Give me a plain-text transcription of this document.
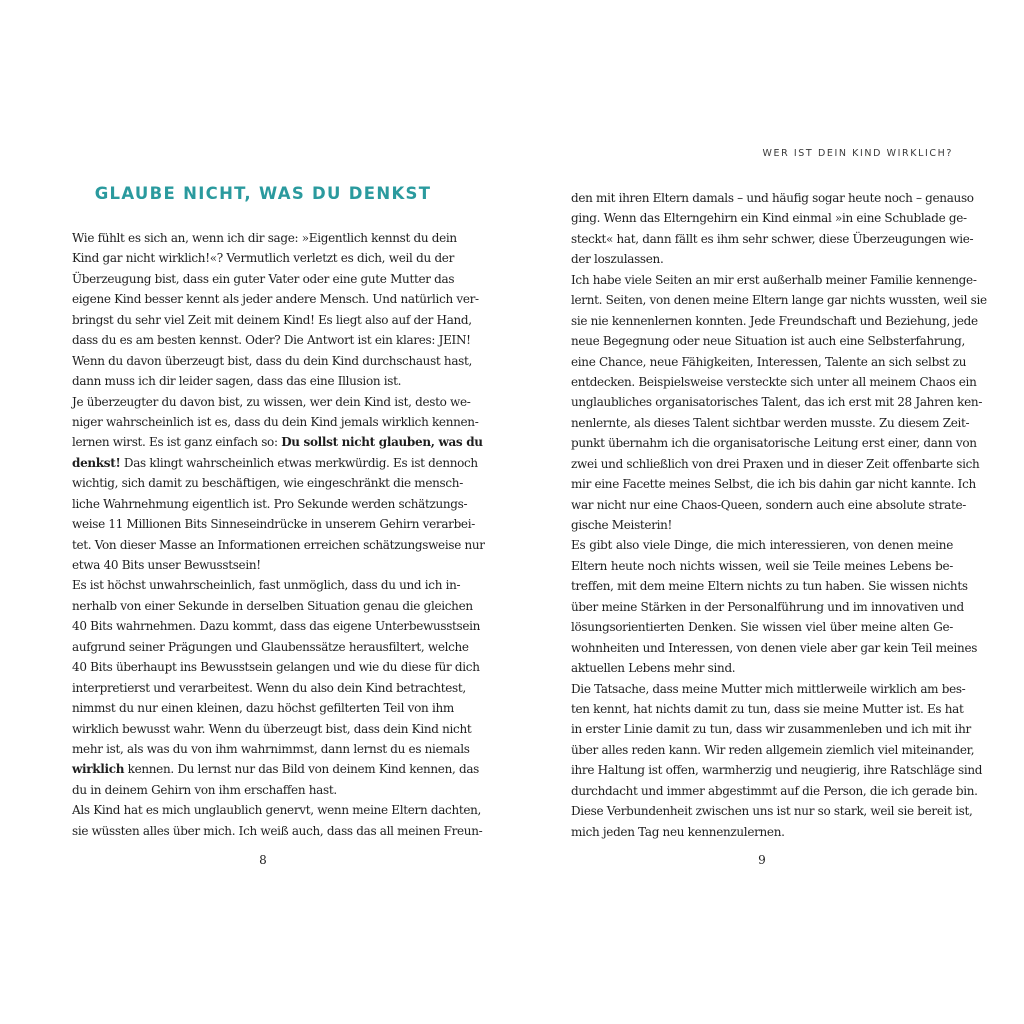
GLAUBE NICHT, WAS DU DENKST
Wie fühlt es sich an, wenn ich dir sage: »Eigentlich kennst du dein
Kind gar nicht wirklich!«? Vermutlich verletzt es dich, weil du der
Überzeugung bist, dass ein guter Vater oder eine gute Mutter das
eigene Kind besser kennt als jeder andere Mensch. Und natürlich ver-
bringst du sehr viel Zeit mit deinem Kind! Es liegt also auf der Hand,
dass du es am besten kennst. Oder? Die Antwort ist ein klares: JEIN!
Wenn du davon überzeugt bist, dass du dein Kind durchschaust hast,
dann muss ich dir leider sagen, dass das eine Illusion ist.
Je überzeugter du davon bist, zu wissen, wer dein Kind ist, desto we-
niger wahrscheinlich ist es, dass du dein Kind jemals wirklich kennen-
lernen wirst. Es ist ganz einfach so: Du sollst nicht glauben, was du
denkst! Das klingt wahrscheinlich etwas merkwürdig. Es ist dennoch
wichtig, sich damit zu beschäftigen, wie eingeschränkt die mensch-
liche Wahrnehmung eigentlich ist. Pro Sekunde werden schätzungs-
weise 11 Millionen Bits Sinneseindrücke in unserem Gehirn verarbei-
tet. Von dieser Masse an Informationen erreichen schätzungsweise nur
etwa 40 Bits unser Bewusstsein!
Es ist höchst unwahrscheinlich, fast unmöglich, dass du und ich in-
nerhalb von einer Sekunde in derselben Situation genau die gleichen
40 Bits wahrnehmen. Dazu kommt, dass das eigene Unterbewusstsein
aufgrund seiner Prägungen und Glaubenssätze herausfiltert, welche
40 Bits überhaupt ins Bewusstsein gelangen und wie du diese für dich
interpretierst und verarbeitest. Wenn du also dein Kind betrachtest,
nimmst du nur einen kleinen, dazu höchst gefilterten Teil von ihm
wirklich bewusst wahr. Wenn du überzeugt bist, dass dein Kind nicht
mehr ist, als was du von ihm wahrnimmst, dann lernst du es niemals
wirklich kennen. Du lernst nur das Bild von deinem Kind kennen, das
du in deinem Gehirn von ihm erschaffen hast.
Als Kind hat es mich unglaublich genervt, wenn meine Eltern dachten,
sie wüssten alles über mich. Ich weiß auch, dass das all meinen Freun-
8
WER IST DEIN KIND WIRKLICH?
den mit ihren Eltern damals – und häufig sogar heute noch – genauso
ging. Wenn das Elterngehirn ein Kind einmal »in eine Schublade ge-
steckt« hat, dann fällt es ihm sehr schwer, diese Überzeugungen wie-
der loszulassen.
Ich habe viele Seiten an mir erst außerhalb meiner Familie kennenge-
lernt. Seiten, von denen meine Eltern lange gar nichts wussten, weil sie
sie nie kennenlernen konnten. Jede Freundschaft und Beziehung, jede
neue Begegnung oder neue Situation ist auch eine Selbsterfahrung,
eine Chance, neue Fähigkeiten, Interessen, Talente an sich selbst zu
entdecken. Beispielsweise versteckte sich unter all meinem Chaos ein
unglaubliches organisatorisches Talent, das ich erst mit 28 Jahren ken-
nenlernte, als dieses Talent sichtbar werden musste. Zu diesem Zeit-
punkt übernahm ich die organisatorische Leitung erst einer, dann von
zwei und schließlich von drei Praxen und in dieser Zeit offenbarte sich
mir eine Facette meines Selbst, die ich bis dahin gar nicht kannte. Ich
war nicht nur eine Chaos-Queen, sondern auch eine absolute strate-
gische Meisterin!
Es gibt also viele Dinge, die mich interessieren, von denen meine
Eltern heute noch nichts wissen, weil sie Teile meines Lebens be-
treffen, mit dem meine Eltern nichts zu tun haben. Sie wissen nichts
über meine Stärken in der Personalführung und im innovativen und
lösungsorientierten Denken. Sie wissen viel über meine alten Ge-
wohnheiten und Interessen, von denen viele aber gar kein Teil meines
aktuellen Lebens mehr sind.
Die Tatsache, dass meine Mutter mich mittlerweile wirklich am bes-
ten kennt, hat nichts damit zu tun, dass sie meine Mutter ist. Es hat
in erster Linie damit zu tun, dass wir zusammenleben und ich mit ihr
über alles reden kann. Wir reden allgemein ziemlich viel miteinander,
ihre Haltung ist offen, warmherzig und neugierig, ihre Ratschläge sind
durchdacht und immer abgestimmt auf die Person, die ich gerade bin.
Diese Verbundenheit zwischen uns ist nur so stark, weil sie bereit ist,
mich jeden Tag neu kennenzulernen.
9
